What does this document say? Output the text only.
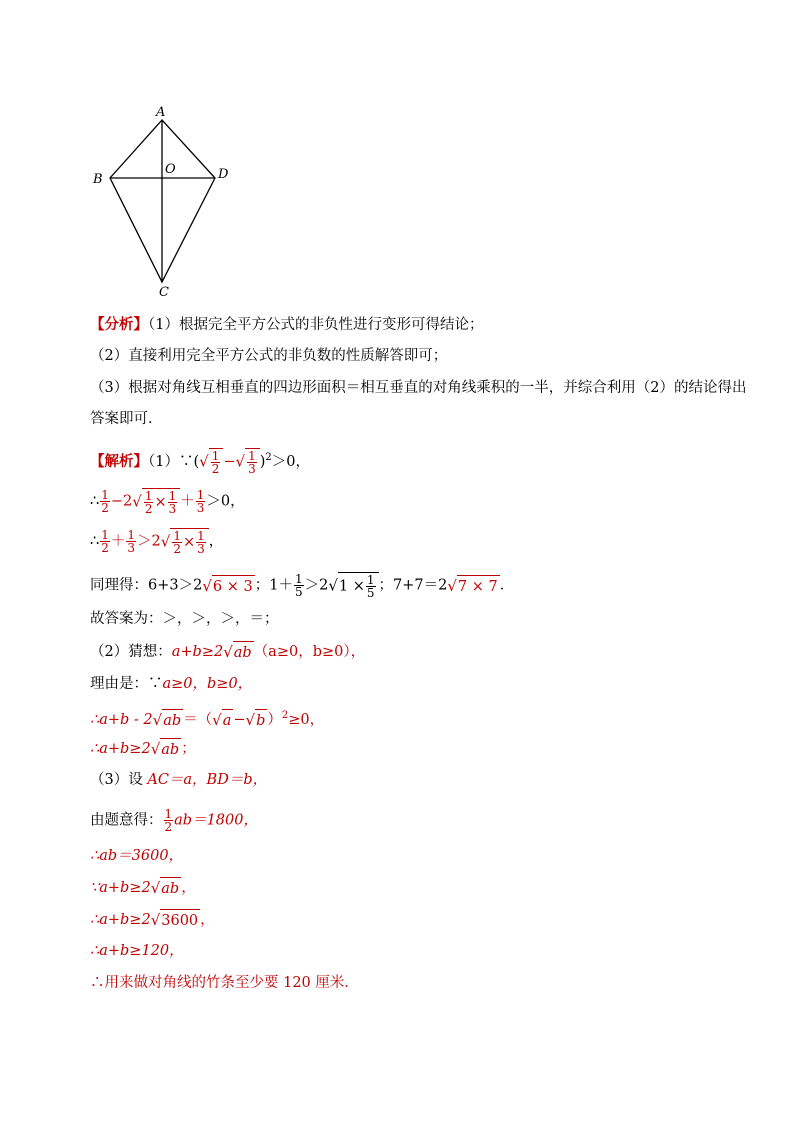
A
B
O	D
C
【分析】（1）根据完全平方公式的非负性进行变形可得结论；
（2）直接利用完全平方公式的非负数的性质解答即可；
（3）根据对角线互相垂直的四边形面积＝相互垂直的对角线乘积的一半，并综合利用（2）的结论得出
答案即可．
【解析】（1）∵(√ $\frac{1}{2}$ −√ $\frac{1}{3} )^2>0$，
∴ $\frac{1}{2} -2√ \frac{1}{2} \times \frac{1}{3} + \frac{1}{3} >0$，
∴ $\frac{1}{2} + \frac{1}{3} >2√ \frac{1}{2} \times \frac{1}{3}$ ，
同理得：6+3＞2√6 × 3 ；$1+ \frac{1}{5} >2√1 \times \frac{1}{5}$ ；7+7＝2√7 × 7 ．
故答案为：＞，＞，＞，＝；
（2）猜想：a+b≥2√ab （a≥0，b≥0），
理由是：∵a≥0，b≥0，
∴a+b - 2√ab ＝（√a −√b ）$^2$≥0，
∴a+b≥2√ab ；
（3）设 AC＝a，BD＝b，
由题意得： $\frac{1}{2} ab=1800$，
∴ab＝3600，
∵a+b≥2√ab ，
∴a+b≥2√3600 ，
∴a+b≥120，
∴用来做对角线的竹条至少要 120 厘米．
